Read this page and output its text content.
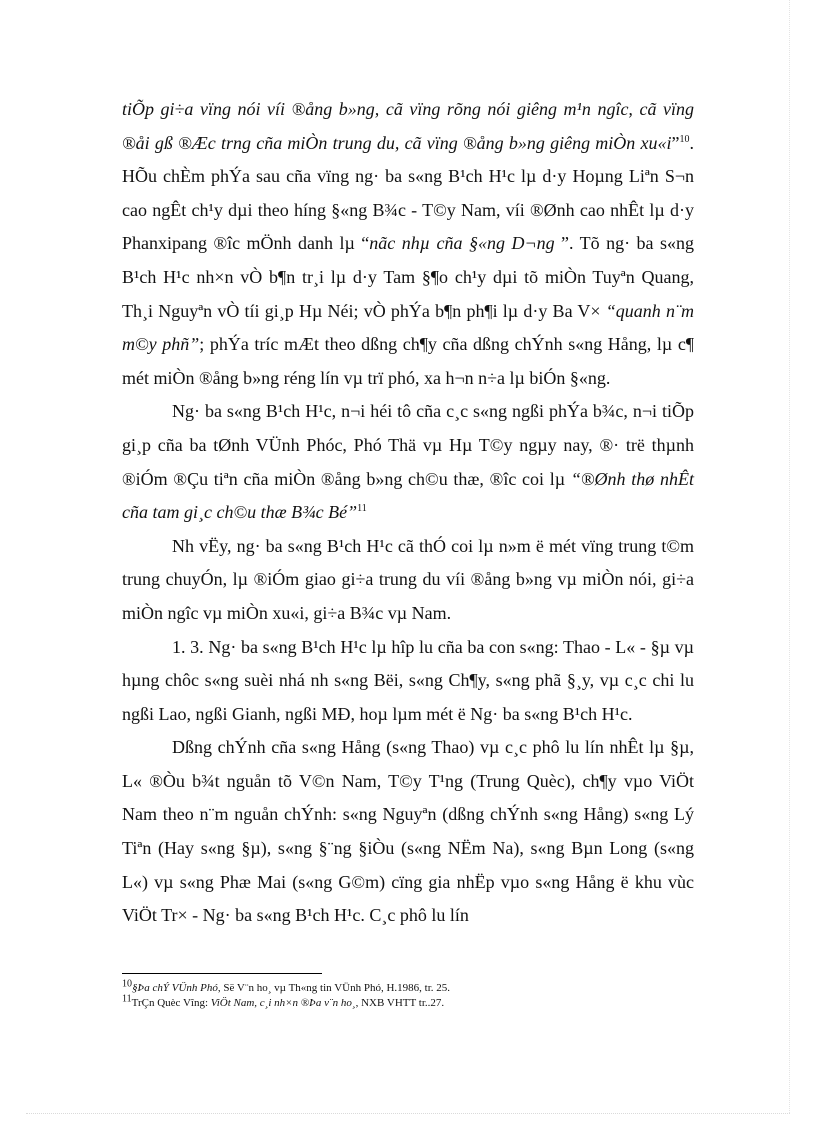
tiÕp gi÷a vïng nói víi ®ång b»ng, cã vïng rõng nói giêng m¹n ngîc, cã vïng ®åi gß ®Æc trng cña miÒn trung du, cã vïng ®ång b»ng giêng miÒn xu«i”$^{10}$. HÕu chÈm phÝa sau cña vïng ng· ba s«ng B¹ch H¹c lµ d·y Hoµng Liªn S¬n cao ngÊt ch¹y dµi theo híng §«ng B¾c - T©y Nam, víi ®Ønh cao nhÊt lµ d·y Phanxipang ®îc mÖnh danh lµ “nãc nhµ cña §«ng D¬ng ”. Tõ ng· ba s«ng B¹ch H¹c nh×n vÒ b¶n tr¸i lµ d·y Tam §¶o ch¹y dµi tõ miÒn Tuyªn Quang, Th¸i Nguyªn vÒ tíi gi¸p Hµ Néi; vÒ phÝa b¶n ph¶i lµ d·y Ba V× “quanh n¨m m©y phñ”; phÝa tríc mÆt theo dßng ch¶y cña dßng chÝnh s«ng Hång, lµ c¶ mét miÒn ®ång b»ng réng lín vµ trï phó, xa h¬n n÷a lµ biÓn §«ng.

Ng· ba s«ng B¹ch H¹c, n¬i héi tô cña c¸c s«ng ngßi phÝa b¾c, n¬i tiÕp gi¸p cña ba tØnh VÜnh Phóc, Phó Thä vµ Hµ T©y ngµy nay, ®· trë thµnh ®iÓm ®Çu tiªn cña miÒn ®ång b»ng ch©u thæ, ®îc coi lµ “®Ønh thø nhÊt cña tam gi¸c ch©u thæ B¾c Bé”$^{11}$

Nh vËy, ng· ba s«ng B¹ch H¹c cã thÓ coi lµ n»m ë mét vïng trung t©m trung chuyÓn, lµ ®iÓm giao gi÷a trung du víi ®ång b»ng vµ miÒn nói, gi÷a miÒn ngîc vµ miÒn xu«i, gi÷a B¾c vµ Nam.

1. 3. Ng· ba s«ng B¹ch H¹c lµ hîp lu cña ba con s«ng: Thao - L« - §µ vµ hµng chôc s«ng suèi nhá nh s«ng Bëi, s«ng Ch¶y, s«ng phã §¸y, vµ c¸c chi lu ngßi Lao, ngßi Gianh, ngßi MÐ, hoµ lµm mét ë Ng· ba s«ng B¹ch H¹c.

Dßng chÝnh cña s«ng Hång (s«ng Thao) vµ c¸c phô lu lín nhÊt lµ §µ, L« ®Òu b¾t nguån tõ V©n Nam, T©y T¹ng (Trung Quèc), ch¶y vµo ViÖt Nam theo n¨m nguån chÝnh: s«ng Nguyªn (dßng chÝnh s«ng Hång) s«ng Lý Tiªn (Hay s«ng §µ), s«ng §¨ng §iÒu (s«ng NËm Na), s«ng Bµn Long (s«ng L«) vµ s«ng Phæ Mai (s«ng G©m) cïng gia nhËp vµo s«ng Hång ë khu vùc ViÖt Tr× - Ng· ba s«ng B¹ch H¹c. C¸c phô lu lín

$^{10}$§Þa chÝ VÜnh Phó, Së V¨n ho¸ vµ Th«ng tin VÜnh Phó, H.1986, tr. 25.
$^{11}$TrÇn Quèc Vîng: ViÖt Nam, c¸i nh×n ®Þa v¨n ho¸, NXB VHTT tr..27.
